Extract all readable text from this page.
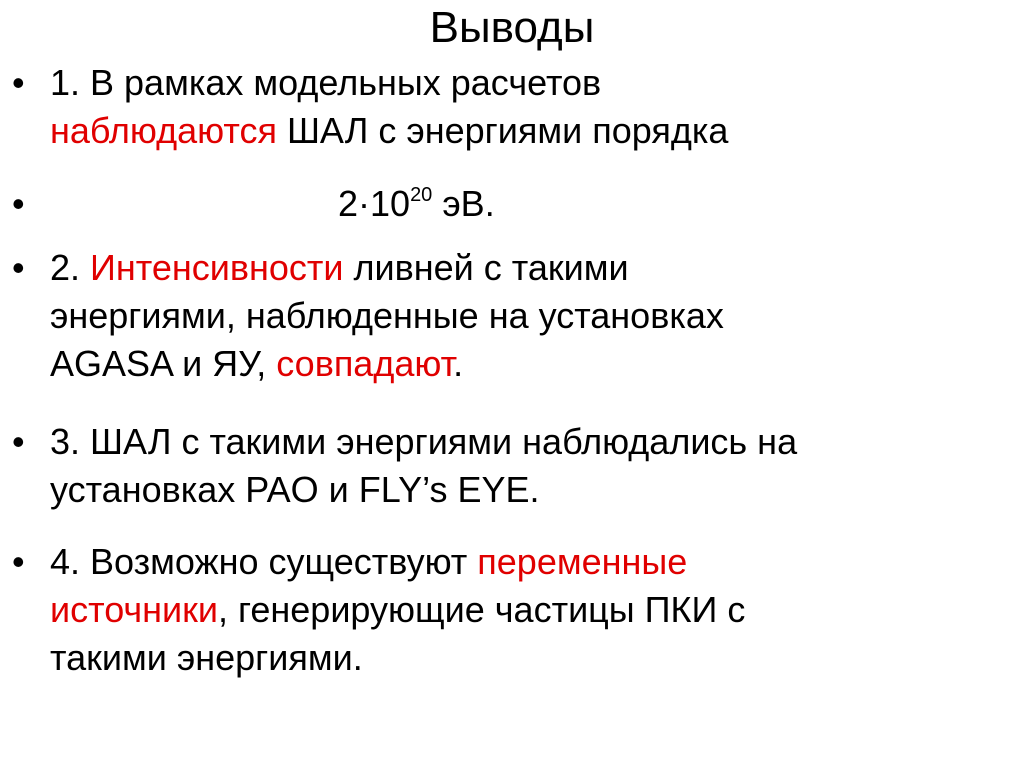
Выводы
• 1. В рамках модельных расчетов
наблюдаются ШАЛ с энергиями порядка
•	$2\cdot 10^{20}$ эВ.
• 2. Интенсивности ливней с такими
энергиями, наблюденные на установках
AGASA и ЯУ, совпадают.
• 3. ШАЛ с такими энергиями наблюдались на
установках PAO и FLY’s EYE.
• 4. Возможно существуют переменные
источники, генерирующие частицы ПКИ с
такими энергиями.
